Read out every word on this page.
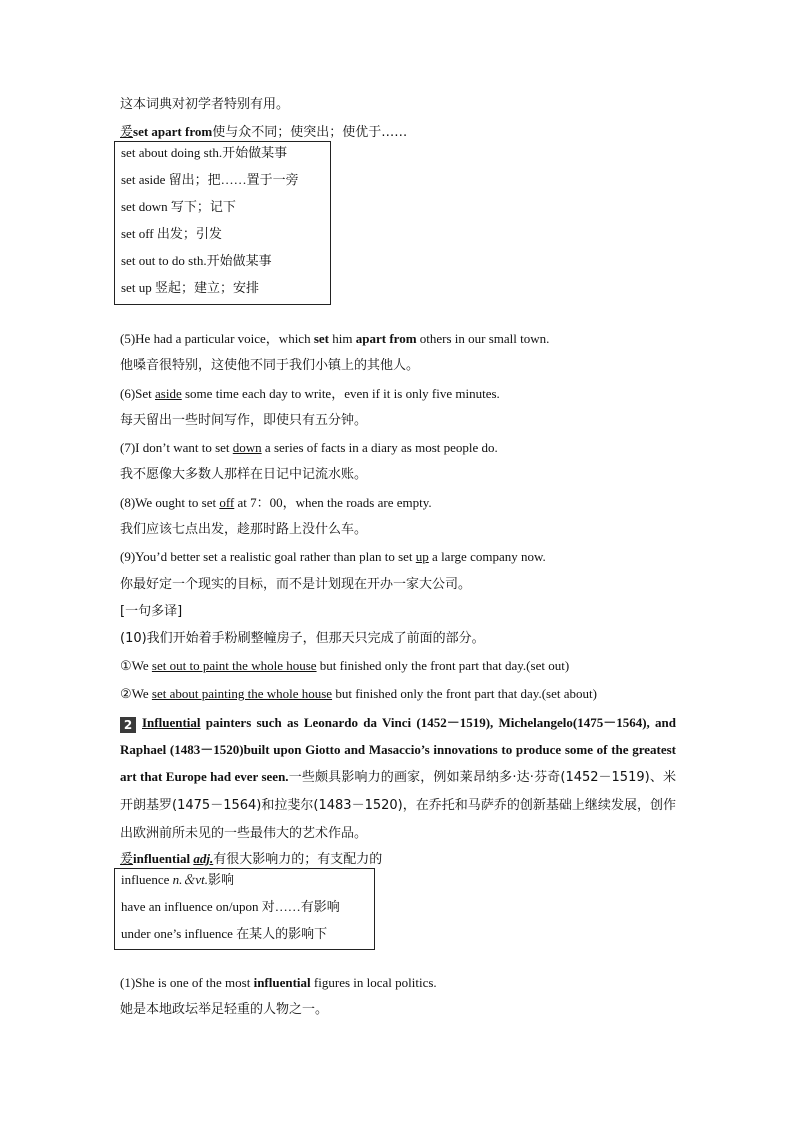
这本词典对初学者特别有用。
爰set apart from使与众不同；使突出；使优于……
set about doing sth.开始做某事
set aside 留出；把……置于一旁
set down 写下；记下
set off 出发；引发
set out to do sth.开始做某事
set up 竖起；建立；安排
(5)He had a particular voice，which set him apart from others in our small town.
他嗓音很特别，这使他不同于我们小镇上的其他人。
(6)Set aside some time each day to write，even if it is only five minutes.
每天留出一些时间写作，即使只有五分钟。
(7)I don’t want to set down a series of facts in a diary as most people do.
我不愿像大多数人那样在日记中记流水账。
(8)We ought to set off at 7：00，when the roads are empty.
我们应该七点出发，趁那时路上没什么车。
(9)You’d better set a realistic goal rather than plan to set up a large company now.
你最好定一个现实的目标，而不是计划现在开办一家大公司。
[一句多译]
(10)我们开始着手粉刷整幢房子，但那天只完成了前面的部分。
①We set out to paint the whole house but finished only the front part that day.(set out)
②We set about painting the whole house but finished only the front part that day.(set about)
2 Influential painters such as Leonardo da Vinci (1452－1519), Michelangelo(1475－1564), and Raphael (1483－1520)built upon Giotto and Masaccio’s innovations to produce some of the greatest art that Europe had ever seen.一些颇具影响力的画家，例如莱昂纳多·达·芬奇(1452－1519)、米开朗基罗(1475－1564)和拉斐尔(1483－1520)，在乔托和马萨乔的创新基础上继续发展，创作出欧洲前所未见的一些最伟大的艺术作品。
爰influential adj.有很大影响力的；有支配力的
influence n.＆vt.影响
have an influence on/upon 对……有影响
under one’s influence 在某人的影响下
(1)She is one of the most influential figures in local politics.
她是本地政坛举足轻重的人物之一。
